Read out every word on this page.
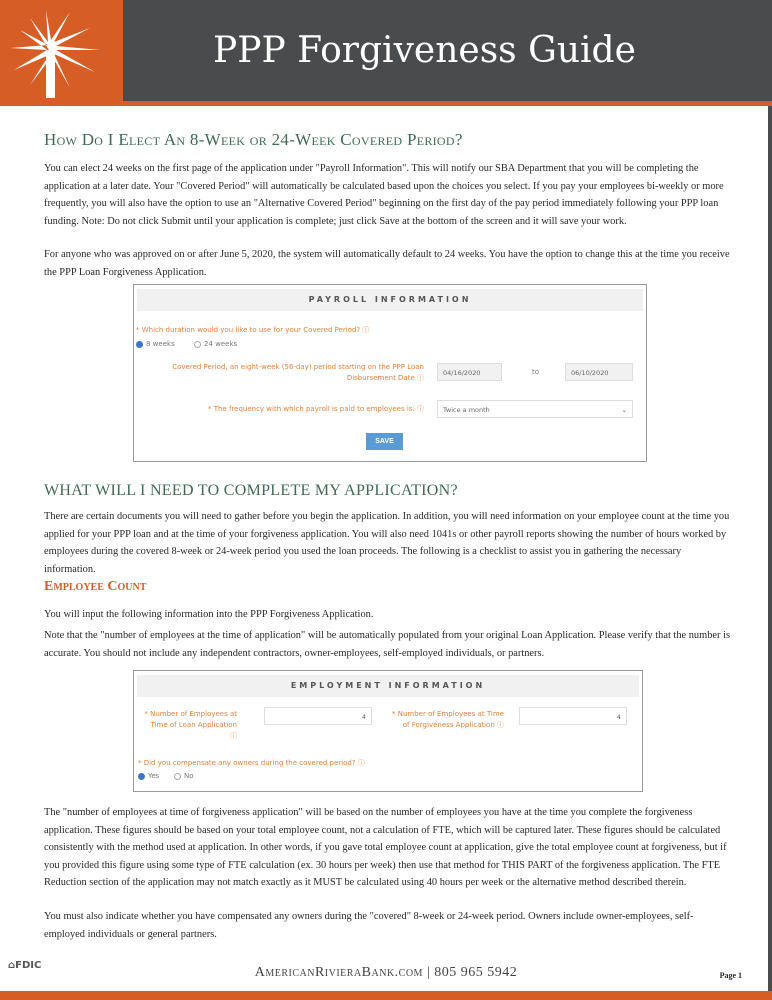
PPP Forgiveness Guide
How Do I Elect An 8-Week or 24-Week Covered Period?

You can elect 24 weeks on the first page of the application under "Payroll Information". This will notify our SBA Department that you will be completing the application at a later date. Your "Covered Period" will automatically be calculated based upon the choices you select. If you pay your employees bi-weekly or more frequently, you will also have the option to use an "Alternative Covered Period" beginning on the first day of the pay period immediately following your PPP loan funding. Note: Do not click Submit until your application is complete; just click Save at the bottom of the screen and it will save your work.

For anyone who was approved on or after June 5, 2020, the system will automatically default to 24 weeks. You have the option to change this at the time you receive the PPP Loan Forgiveness Application.

PAYROLL INFORMATION
* Which duration would you like to use for your Covered Period? ⓘ
8 weeks	24 weeks
Covered Period, an eight-week (56-day) period starting on the PPP Loan Disbursement Date ⓘ
04/16/2020	to	06/10/2020
* The frequency with which payroll is paid to employees is: ⓘ	Twice a month	⌄
SAVE
WHAT WILL I NEED TO COMPLETE MY APPLICATION?

There are certain documents you will need to gather before you begin the application. In addition, you will need information on your employee count at the time you applied for your PPP loan and at the time of your forgiveness application. You will also need 1041s or other payroll reports showing the number of hours worked by employees during the covered 8-week or 24-week period you used the loan proceeds. The following is a checklist to assist you in gathering the necessary information.

Employee Count

You will input the following information into the PPP Forgiveness Application.

Note that the "number of employees at the time of application" will be automatically populated from your original Loan Application. Please verify that the number is accurate. You should not include any independent contractors, owner-employees, self-employed individuals, or partners.

EMPLOYMENT INFORMATION
* Number of Employees at Time of Loan Application ⓘ
4	* Number of Employees at Time of Forgiveness Application ⓘ
4
* Did you compensate any owners during the covered period? ⓘ
Yes	No

The "number of employees at time of forgiveness application" will be based on the number of employees you have at the time you complete the forgiveness application. These figures should be based on your total employee count, not a calculation of FTE, which will be captured later. These figures should be calculated consistently with the method used at application. In other words, if you gave total employee count at application, give the total employee count at forgiveness, but if you provided this figure using some type of FTE calculation (ex. 30 hours per week) then use that method for THIS PART of the forgiveness application. The FTE Reduction section of the application may not match exactly as it MUST be calculated using 40 hours per week or the alternative method described therein.

You must also indicate whether you have compensated any owners during the "covered" 8-week or 24-week period. Owners include owner-employees, self-employed individuals or general partners.

⌂FDIC	AmericanRivieraBank.com | 805 965 5942	Page 1
